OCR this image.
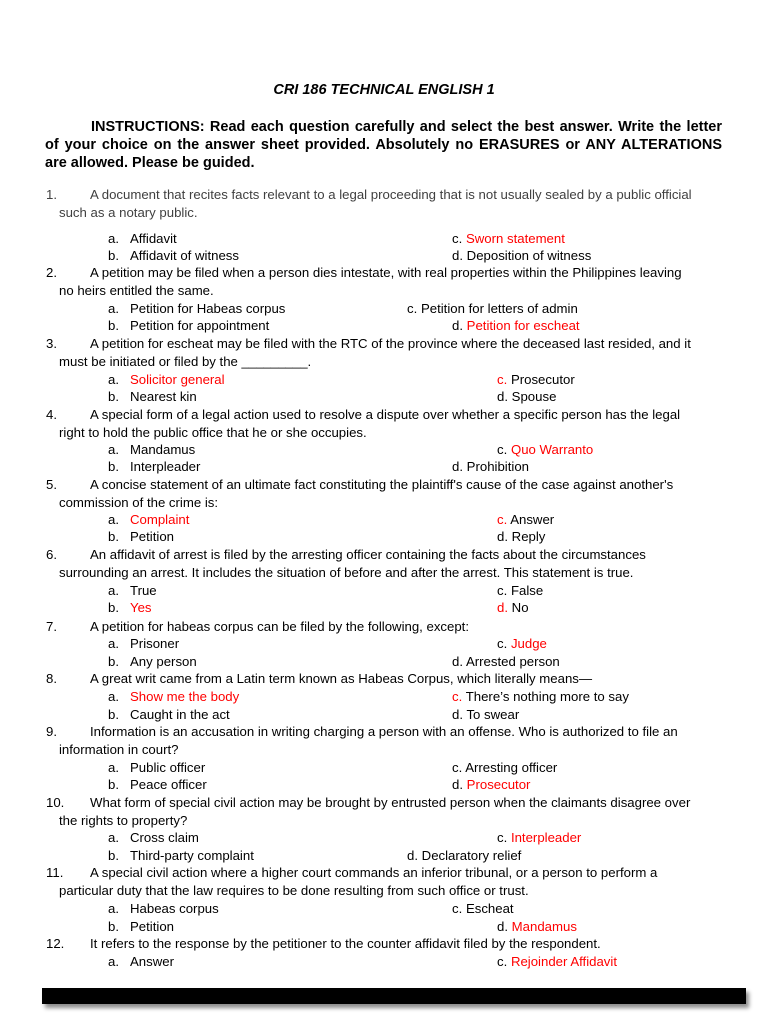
CRI 186 TECHNICAL ENGLISH 1
INSTRUCTIONS: Read each question carefully and select the best answer. Write the letter of your choice on the answer sheet provided. Absolutely no ERASURES or ANY ALTERATIONS are allowed. Please be guided.
1.	A document that recites facts relevant to a legal proceeding that is not usually sealed by a public official
such as a notary public.
a. Affidavit
b. Affidavit of witness
c. Sworn statement
d. Deposition of witness
2.	A petition may be filed when a person dies intestate, with real properties within the Philippines leaving
no heirs entitled the same.
a. Petition for Habeas corpus
b. Petition for appointment
c. Petition for letters of admin
d. Petition for escheat
3.	A petition for escheat may be filed with the RTC of the province where the deceased last resided, and it
must be initiated or filed by the _________.
a. Solicitor general
b. Nearest kin
c. Prosecutor
d. Spouse
4.	A special form of a legal action used to resolve a dispute over whether a specific person has the legal
right to hold the public office that he or she occupies.
a. Mandamus
b. Interpleader
c. Quo Warranto
d. Prohibition
5.	A concise statement of an ultimate fact constituting the plaintiff's cause of the case against another's
commission of the crime is:
a. Complaint
b. Petition
c. Answer
d. Reply
6.	An affidavit of arrest is filed by the arresting officer containing the facts about the circumstances
surrounding an arrest. It includes the situation of before and after the arrest. This statement is true.
a. True
b. Yes
c. False
d. No
7.	A petition for habeas corpus can be filed by the following, except:
a. Prisoner
b. Any person
c. Judge
d. Arrested person
8.	A great writ came from a Latin term known as Habeas Corpus, which literally means—
a. Show me the body
b. Caught in the act
c. There’s nothing more to say
d. To swear
9.	Information is an accusation in writing charging a person with an offense. Who is authorized to file an
information in court?
a. Public officer
b. Peace officer
c. Arresting officer
d. Prosecutor
10. What form of special civil action may be brought by entrusted person when the claimants disagree over
the rights to property?
a. Cross claim
b. Third-party complaint
c. Interpleader
d. Declaratory relief
11. A special civil action where a higher court commands an inferior tribunal, or a person to perform a
particular duty that the law requires to be done resulting from such office or trust.
a. Habeas corpus
b. Petition
c. Escheat
d. Mandamus
12. It refers to the response by the petitioner to the counter affidavit filed by the respondent.
a. Answer	c. Rejoinder Affidavit
